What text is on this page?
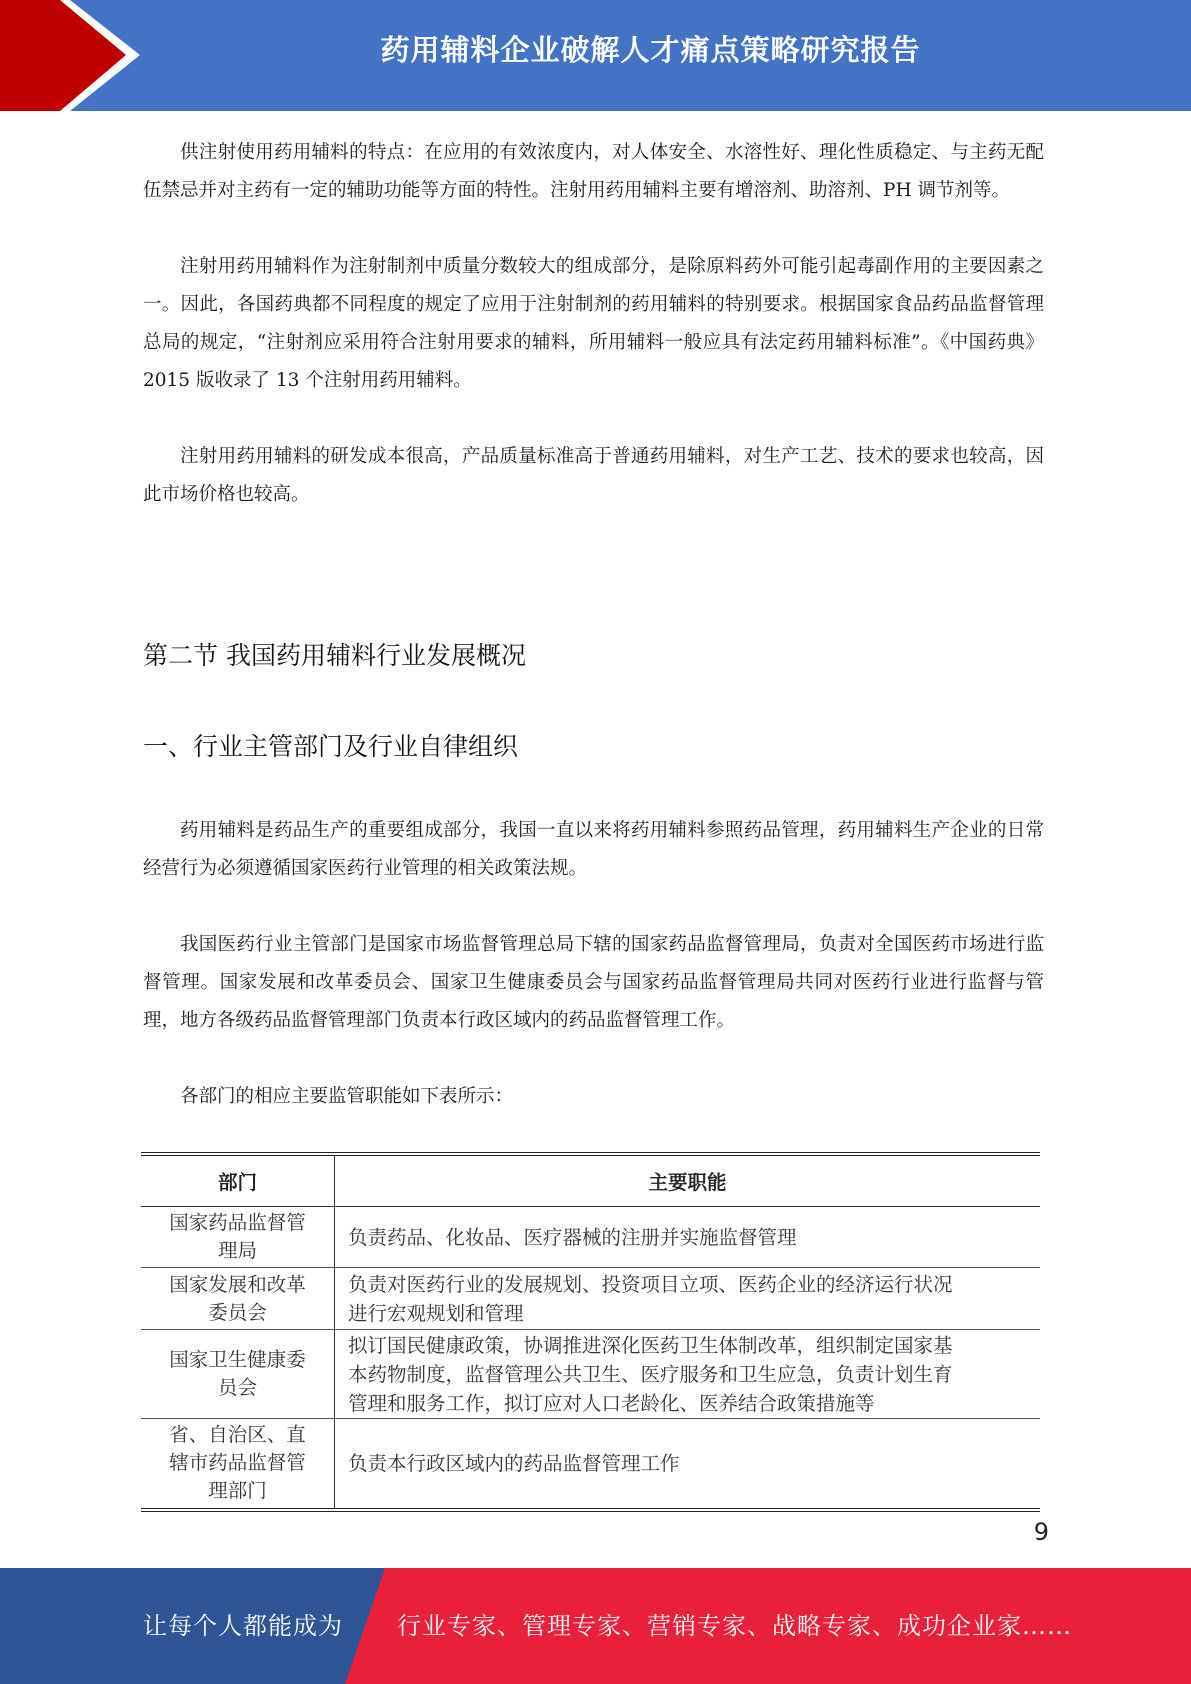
药用辅料企业破解人才痛点策略研究报告

供注射使用药用辅料的特点：在应用的有效浓度内，对人体安全、水溶性好、理化性质稳定、与主药无配伍禁忌并对主药有一定的辅助功能等方面的特性。注射用药用辅料主要有增溶剂、助溶剂、PH 调节剂等。

注射用药用辅料作为注射制剂中质量分数较大的组成部分，是除原料药外可能引起毒副作用的主要因素之一。因此，各国药典都不同程度的规定了应用于注射制剂的药用辅料的特别要求。根据国家食品药品监督管理总局的规定，“注射剂应采用符合注射用要求的辅料，所用辅料一般应具有法定药用辅料标准”。《中国药典》2015 版收录了 13 个注射用药用辅料。

注射用药用辅料的研发成本很高，产品质量标准高于普通药用辅料，对生产工艺、技术的要求也较高，因此市场价格也较高。

第二节 我国药用辅料行业发展概况
一、行业主管部门及行业自律组织

药用辅料是药品生产的重要组成部分，我国一直以来将药用辅料参照药品管理，药用辅料生产企业的日常经营行为必须遵循国家医药行业管理的相关政策法规。

我国医药行业主管部门是国家市场监督管理总局下辖的国家药品监督管理局，负责对全国医药市场进行监督管理。国家发展和改革委员会、国家卫生健康委员会与国家药品监督管理局共同对医药行业进行监督与管理，地方各级药品监督管理部门负责本行政区域内的药品监督管理工作。

各部门的相应主要监管职能如下表所示：

部门	主要职能

国家药品监督管
理局	负责药品、化妆品、医疗器械的注册并实施监督管理

国家发展和改革
委员会	负责对医药行业的发展规划、投资项目立项、医药企业的经济运行状况
进行宏观规划和管理

国家卫生健康委
员会	拟订国民健康政策，协调推进深化医药卫生体制改革，组织制定国家基
本药物制度，监督管理公共卫生、医疗服务和卫生应急，负责计划生育
管理和服务工作，拟订应对人口老龄化、医养结合政策措施等

省、自治区、直
辖市药品监督管
理部门	负责本行政区域内的药品监督管理工作
9
让每个人都能成为 行业专家、管理专家、营销专家、战略专家、成功企业家……
